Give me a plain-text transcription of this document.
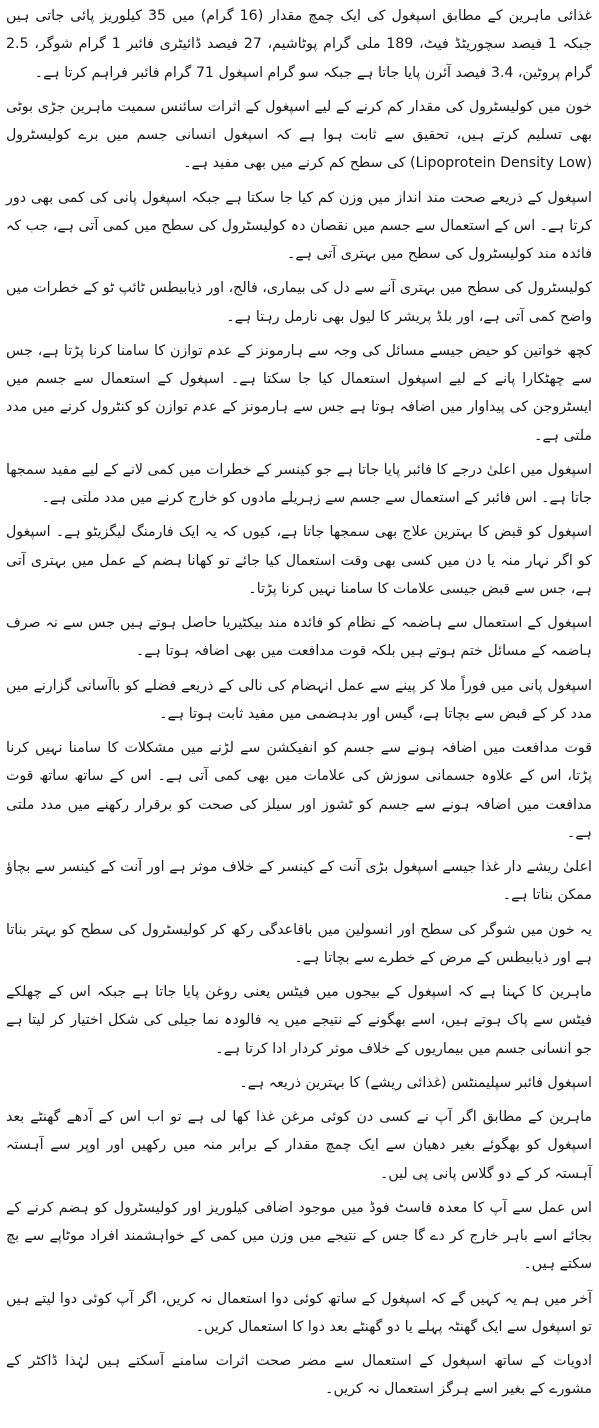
غذائی ماہرین کے مطابق اسپغول کی ایک چمچ مقدار (16 گرام) میں 35 کیلوریز پائی جاتی ہیں جبکہ 1 فیصد سچوریٹڈ فیٹ، 189 ملی گرام پوٹاشیم، 27 فیصد ڈائیٹری فائبر 1 گرام شوگر، 2.5 گرام پروٹین، 3.4 فیصد آئرن پایا جاتا ہے جبکہ سو گرام اسپغول 71 گرام فائبر فراہم کرتا ہے۔

خون میں کولیسٹرول کی مقدار کم کرنے کے لیے اسپغول کے اثرات سائنس سمیت ماہرین جڑی بوٹی بھی تسلیم کرتے ہیں، تحقیق سے ثابت ہوا ہے کہ اسپغول انسانی جسم میں برے کولیسٹرول (Lipoprotein Density Low) کی سطح کم کرنے میں بھی مفید ہے۔

اسپغول کے ذریعے صحت مند انداز میں وزن کم کیا جا سکتا ہے جبکہ اسپغول پانی کی کمی بھی دور کرتا ہے۔ اس کے استعمال سے جسم میں نقصان دہ کولیسٹرول کی سطح میں کمی آتی ہے، جب کہ فائدہ مند کولیسٹرول کی سطح میں بہتری آتی ہے۔

کولیسٹرول کی سطح میں بہتری آنے سے دل کی بیماری، فالج، اور ذیابیطس ٹائپ ٹو کے خطرات میں واضح کمی آتی ہے، اور بلڈ پریشر کا لیول بھی نارمل رہتا ہے۔

کچھ خواتین کو حیض جیسے مسائل کی وجہ سے ہارمونز کے عدم توازن کا سامنا کرنا پڑتا ہے، جس سے چھٹکارا پانے کے لیے اسپغول استعمال کیا جا سکتا ہے۔ اسپغول کے استعمال سے جسم میں ایسٹروجن کی پیداوار میں اضافہ ہوتا ہے جس سے ہارمونز کے عدم توازن کو کنٹرول کرنے میں مدد ملتی ہے۔

اسپغول میں اعلیٰ درجے کا فائبر پایا جاتا ہے جو کینسر کے خطرات میں کمی لانے کے لیے مفید سمجھا جاتا ہے۔ اس فائبر کے استعمال سے جسم سے زہریلے مادوں کو خارج کرنے میں مدد ملتی ہے۔

اسپغول کو قبض کا بہترین علاج بھی سمجھا جاتا ہے، کیوں کہ یہ ایک فارمنگ لیگزیٹو ہے۔ اسپغول کو اگر نہار منہ یا دن میں کسی بھی وقت استعمال کیا جائے تو کھانا ہضم کے عمل میں بہتری آتی ہے، جس سے قبض جیسی علامات کا سامنا نہیں کرنا پڑتا۔

اسپغول کے استعمال سے ہاضمہ کے نظام کو فائدہ مند بیکٹیریا حاصل ہوتے ہیں جس سے نہ صرف ہاضمہ کے مسائل ختم ہوتے ہیں بلکہ قوت مدافعت میں بھی اضافہ ہوتا ہے۔

اسپغول پانی میں فوراً ملا کر پینے سے عمل انہضام کی نالی کے ذریعے فضلے کو باآسانی گزارنے میں مدد کر کے قبض سے بچاتا ہے، گیس اور بدہضمی میں مفید ثابت ہوتا ہے۔

قوت مدافعت میں اضافہ ہونے سے جسم کو انفیکشن سے لڑنے میں مشکلات کا سامنا نہیں کرنا پڑتا، اس کے علاوہ جسمانی سوزش کی علامات میں بھی کمی آتی ہے۔ اس کے ساتھ ساتھ قوت مدافعت میں اضافہ ہونے سے جسم کو ٹشوز اور سیلز کی صحت کو برقرار رکھنے میں مدد ملتی ہے۔

اعلیٰ ریشے دار غذا جیسے اسپغول بڑی آنت کے کینسر کے خلاف موثر ہے اور آنت کے کینسر سے بچاؤ ممکن بناتا ہے۔

یہ خون میں شوگر کی سطح اور انسولین میں باقاعدگی رکھ کر کولیسٹرول کی سطح کو بہتر بناتا ہے اور ذیابیطس کے مرض کے خطرے سے بچاتا ہے۔

ماہرین کا کہنا ہے کہ اسپغول کے بیجوں میں فیٹس یعنی روغن پایا جاتا ہے جبکہ اس کے چھلکے فیٹس سے پاک ہوتے ہیں، اسے بھگونے کے نتیجے میں یہ فالودہ نما جیلی کی شکل اختیار کر لیتا ہے جو انسانی جسم میں بیماریوں کے خلاف موثر کردار ادا کرتا ہے۔

اسپغول فائبر سپلیمنٹس (غذائی ریشے) کا بہترین ذریعہ ہے۔

ماہرین کے مطابق اگر آپ نے کسی دن کوئی مرغن غذا کھا لی ہے تو اب اس کے آدھے گھنٹے بعد اسپغول کو بھگوئے بغیر دھیان سے ایک چمچ مقدار کے برابر منہ میں رکھیں اور اوپر سے آہستہ آہستہ کر کے دو گلاس پانی پی لیں۔

اس عمل سے آپ کا معدہ فاسٹ فوڈ میں موجود اضافی کیلوریز اور کولیسٹرول کو ہضم کرنے کے بجائے اسے باہر خارج کر دے گا جس کے نتیجے میں وزن میں کمی کے خواہشمند افراد موٹاپے سے بچ سکتے ہیں۔

آخر میں ہم یہ کہیں گے کہ اسپغول کے ساتھ کوئی دوا استعمال نہ کریں، اگر آپ کوئی دوا لیتے ہیں تو اسپغول سے ایک گھنٹہ پہلے یا دو گھنٹے بعد دوا کا استعمال کریں۔

ادویات کے ساتھ اسپغول کے استعمال سے مضر صحت اثرات سامنے آسکتے ہیں لہٰذا ڈاکٹر کے مشورے کے بغیر اسے ہرگز استعمال نہ کریں۔
